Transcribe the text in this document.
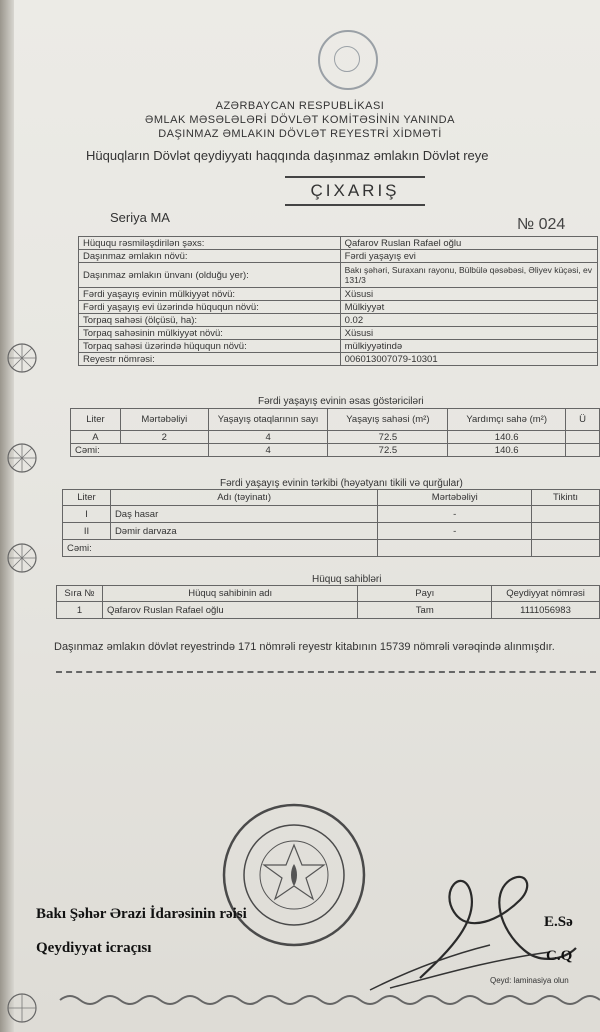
AZƏRBAYCAN RESPUBLİKASI
ƏMLAK MƏSƏLƏLƏRİ DÖVLƏT KOMİTƏSİNİN YANINDA
DAŞINMAZ ƏMLAKIN DÖVLƏT REYESTRİ XİDMƏTİ
Hüquqların Dövlət qeydiyyatı haqqında daşınmaz əmlakın Dövlət reye
ÇIXARIŞ
Seriya MA	№ 024
Hüququ rəsmiləşdirilən şəxs:	Qafarov Ruslan Rafael oğlu
Daşınmaz əmlakın növü:	Fərdi yaşayış evi
Daşınmaz əmlakın ünvanı (olduğu yer):	Bakı şəhəri, Suraxanı rayonu, Bülbülə qəsəbəsi, Əliyev küçəsi, ev 131/3
Fərdi yaşayış evinin mülkiyyət növü:	Xüsusi
Fərdi yaşayış evi üzərində hüququn növü:	Mülkiyyət
Torpaq sahəsi (ölçüsü, ha):	0.02
Torpaq sahəsinin mülkiyyət növü:	Xüsusi
Torpaq sahəsi üzərində hüququn növü:	mülkiyyətində
Reyestr nömrəsi:	006013007079-10301
Fərdi yaşayış evinin əsas göstəriciləri
Liter	Mərtəbəliyi	Yaşayış otaqlarının sayı	Yaşayış sahəsi (m²)	Yardımçı sahə (m²)	Ü
A	2	4	72.5	140.6	
Cəmi:		4	72.5	140.6	
Fərdi yaşayış evinin tərkibi (həyətyanı tikili və qurğular)
Liter	Adı (təyinatı)	Mərtəbəliyi	Tikintı
I	Daş hasar	-	
II	Dəmir darvaza	-	
Cəmi:			
Hüquq sahibləri
Sıra №	Hüquq sahibinin adı	Payı	Qeydiyyat nömrəsi
1	Qafarov Ruslan Rafael oğlu	Tam	1111056983
Daşınmaz əmlakın dövlət reyestrində 171 nömrəli reyestr kitabının 15739 nömrəli vərəqində alınmışdır.
Bakı Şəhər Ərazi İdarəsinin rəisi
Qeydiyyat icraçısı
E.Sə
C.Q
Qeyd: laminasiya olun
